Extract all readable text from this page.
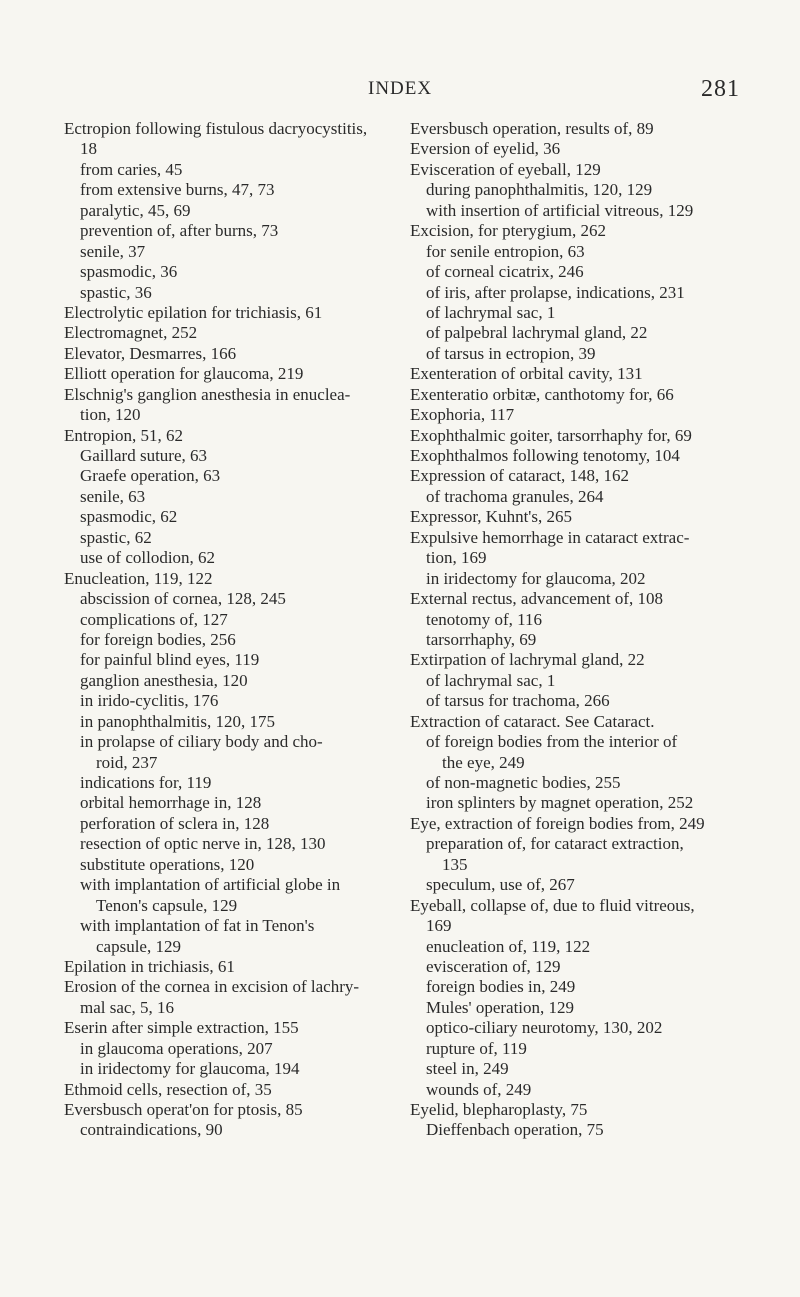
INDEX	281
Ectropion following fistulous dacryocystitis,
18
from caries, 45
from extensive burns, 47, 73
paralytic, 45, 69
prevention of, after burns, 73
senile, 37
spasmodic, 36
spastic, 36
Electrolytic epilation for trichiasis, 61
Electromagnet, 252
Elevator, Desmarres, 166
Elliott operation for glaucoma, 219
Elschnig's ganglion anesthesia in enuclea-
tion, 120
Entropion, 51, 62
Gaillard suture, 63
Graefe operation, 63
senile, 63
spasmodic, 62
spastic, 62
use of collodion, 62
Enucleation, 119, 122
abscission of cornea, 128, 245
complications of, 127
for foreign bodies, 256
for painful blind eyes, 119
ganglion anesthesia, 120
in irido-cyclitis, 176
in panophthalmitis, 120, 175
in prolapse of ciliary body and cho-
roid, 237
indications for, 119
orbital hemorrhage in, 128
perforation of sclera in, 128
resection of optic nerve in, 128, 130
substitute operations, 120
with implantation of artificial globe in
Tenon's capsule, 129
with implantation of fat in Tenon's
capsule, 129
Epilation in trichiasis, 61
Erosion of the cornea in excision of lachry-
mal sac, 5, 16
Eserin after simple extraction, 155
in glaucoma operations, 207
in iridectomy for glaucoma, 194
Ethmoid cells, resection of, 35
Eversbusch operat'on for ptosis, 85
contraindications, 90
Eversbusch operation, results of, 89
Eversion of eyelid, 36
Evisceration of eyeball, 129
during panophthalmitis, 120, 129
with insertion of artificial vitreous, 129
Excision, for pterygium, 262
for senile entropion, 63
of corneal cicatrix, 246
of iris, after prolapse, indications, 231
of lachrymal sac, 1
of palpebral lachrymal gland, 22
of tarsus in ectropion, 39
Exenteration of orbital cavity, 131
Exenteratio orbitæ, canthotomy for, 66
Exophoria, 117
Exophthalmic goiter, tarsorrhaphy for, 69
Exophthalmos following tenotomy, 104
Expression of cataract, 148, 162
of trachoma granules, 264
Expressor, Kuhnt's, 265
Expulsive hemorrhage in cataract extrac-
tion, 169
in iridectomy for glaucoma, 202
External rectus, advancement of, 108
tenotomy of, 116
tarsorrhaphy, 69
Extirpation of lachrymal gland, 22
of lachrymal sac, 1
of tarsus for trachoma, 266
Extraction of cataract. See Cataract.
of foreign bodies from the interior of
the eye, 249
of non-magnetic bodies, 255
iron splinters by magnet operation, 252
Eye, extraction of foreign bodies from, 249
preparation of, for cataract extraction,
135
speculum, use of, 267
Eyeball, collapse of, due to fluid vitreous,
169
enucleation of, 119, 122
evisceration of, 129
foreign bodies in, 249
Mules' operation, 129
optico-ciliary neurotomy, 130, 202
rupture of, 119
steel in, 249
wounds of, 249
Eyelid, blepharoplasty, 75
Dieffenbach operation, 75
